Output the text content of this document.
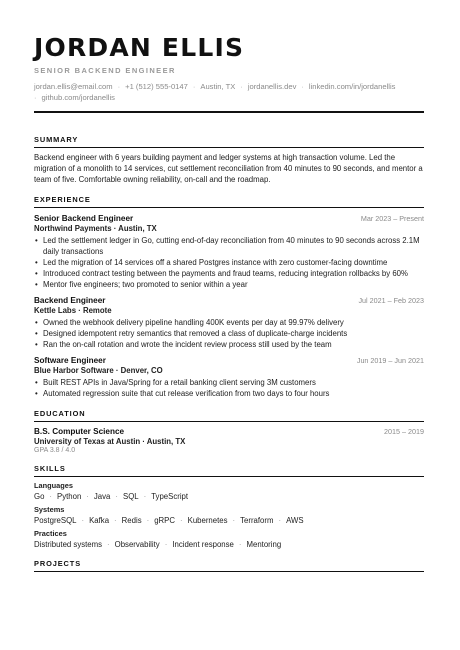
JORDAN ELLIS
SENIOR BACKEND ENGINEER
jordan.ellis@email.com · +1 (512) 555-0147 · Austin, TX · jordanellis.dev · linkedin.com/in/jordanellis
· github.com/jordanellis
SUMMARY
Backend engineer with 6 years building payment and ledger systems at high transaction volume. Led the migration of a monolith to 14 services, cut settlement reconciliation from 40 minutes to 90 seconds, and mentor a team of five. Comfortable owning reliability, on-call and the roadmap.
EXPERIENCE
Senior Backend Engineer	Mar 2023 – Present
Northwind Payments · Austin, TX
• Led the settlement ledger in Go, cutting end-of-day reconciliation from 40 minutes to 90 seconds across 2.1M daily transactions
• Led the migration of 14 services off a shared Postgres instance with zero customer-facing downtime
• Introduced contract testing between the payments and fraud teams, reducing integration rollbacks by 60%
• Mentor five engineers; two promoted to senior within a year
Backend Engineer	Jul 2021 – Feb 2023
Kettle Labs · Remote
• Owned the webhook delivery pipeline handling 400K events per day at 99.97% delivery
• Designed idempotent retry semantics that removed a class of duplicate-charge incidents
• Ran the on-call rotation and wrote the incident review process still used by the team
Software Engineer	Jun 2019 – Jun 2021
Blue Harbor Software · Denver, CO
• Built REST APIs in Java/Spring for a retail banking client serving 3M customers
• Automated regression suite that cut release verification from two days to four hours
EDUCATION
B.S. Computer Science	2015 – 2019
University of Texas at Austin · Austin, TX
GPA 3.8 / 4.0
SKILLS
Languages
Go · Python · Java · SQL · TypeScript
Systems
PostgreSQL · Kafka · Redis · gRPC · Kubernetes · Terraform · AWS
Practices
Distributed systems · Observability · Incident response · Mentoring
PROJECTS
